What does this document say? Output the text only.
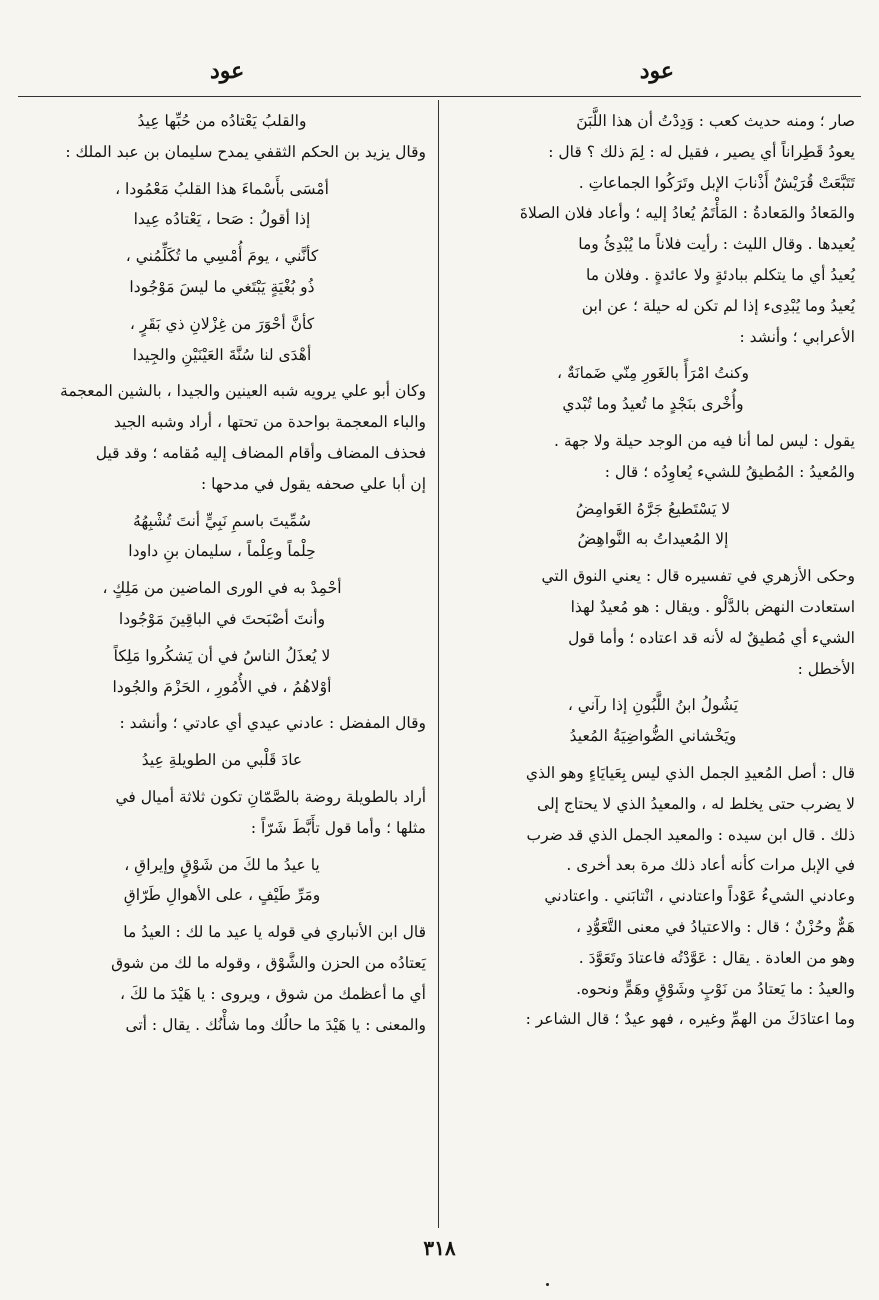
عود
عود
صار ؛ ومنه حديث كعب : وَدِدْتُ أن هذا اللَّبَنَ
يعودُ قَطِراناً أي يصير ، فقيل له : لِمَ ذلك ؟ قال :
تَتَبَّعَتْ قُرَيْشٌ أَذْنابَ الإبل وتَرَكُوا الجماعاتِ .
والمَعادُ والمَعادةُ : المَأْتَمُ يُعادُ إليه ؛ وأعاد فلان الصلاةَ
يُعيدها . وقال الليث : رأيت فلاناً ما يُبْدِئُ وما
يُعيدُ أي ما يتكلم ببادئةٍ ولا عائدةٍ . وفلان ما
يُعيدُ وما يُبْدِىء إذا لم تكن له حيلة ؛ عن ابن
الأعرابي ؛ وأنشد :
وكنتُ امْرَأً بالغَورِ مِنّي ضَمانَةٌ ،
وأُخْرى بنَجْدٍ ما تُعيدُ وما تُبْدي
يقول : ليس لما أنا فيه من الوجد حيلة ولا جهة .
والمُعيدُ : المُطيقُ للشيء يُعاوِدُه ؛ قال :
لا يَسْتَطيعُ جَرَّهُ الغَوامِضُ
إلا المُعيداتُ به النَّواهِضُ
وحكى الأزهري في تفسيره قال : يعني النوق التي
استعادت النهض بالدَّلْو . ويقال : هو مُعيدٌ لهذا
الشيء أي مُطيقٌ له لأنه قد اعتاده ؛ وأما قول
الأخطل :
يَشُولُ ابنُ اللَّبُونِ إذا رآني ،
ويَخْشاني الضُّواضِيَةُ المُعيدُ
قال : أصل المُعيدِ الجمل الذي ليس بِعَيايَاءٍ وهو الذي
لا يضرب حتى يخلط له ، والمعيدُ الذي لا يحتاج إلى
ذلك . قال ابن سيده : والمعيد الجمل الذي قد ضرب
في الإبل مرات كأنه أعاد ذلك مرة بعد أخرى .
وعادني الشيءُ عَوْداً واعتادني ، انْتابَني . واعتادني
هَمٌّ وحُزْنٌ ؛ قال : والاعتيادُ في معنى التَّعَوُّدِ ،
وهو من العادة . يقال : عَوَّدْتُه فاعتادَ وتَعَوَّدَ .
والعيدُ : ما يَعتادُ من نَوْبٍ وشَوْقٍ وهَمٍّ ونحوه.
وما اعتادَكَ من الهمِّ وغيره ، فهو عيدٌ ؛ قال الشاعر :
والقلبُ يَعْتادُه من حُبِّها عِيدُ
وقال يزيد بن الحكم الثقفي يمدح سليمان بن عبد الملك :
أمْسَى بأَسْماءَ هذا القلبُ مَعْمُودا ،
إذا أقولُ : صَحا ، يَعْتادُه عِيدا
كأنَّني ، يومَ أُمْسِي ما تُكَلِّمُني ،
ذُو بُغْيَةٍ يَبْتَغي ما ليسَ مَوْجُودا
كأنَّ أحْوَرَ من غِزْلانِ ذي بَقَرٍ ،
أهْدَى لنا سُنَّةَ العَيْنَيْنِ والجِيدا
وكان أبو علي يرويه شبه العينين والجيدا ، بالشين المعجمة
والباء المعجمة بواحدة من تحتها ، أراد وشبه الجيد
فحذف المضاف وأقام المضاف إليه مُقامه ؛ وقد قيل
إن أبا علي صحفه يقول في مدحها :
سُمِّيتَ باسمِ نَبِيٍّ أنتَ تُشْبِهُهُ
حِلْماً وعِلْماً ، سليمان بنِ داودا
أحْمِدْ به في الورى الماضين من مَلِكٍ ،
وأنتَ أصْبَحتَ في الباقِينَ مَوْجُودا
لا يُعذَلُ الناسُ في أن يَشكُروا مَلِكاً
أوْلاهُمُ ، في الأُمُورِ ، الحَزْمَ والجُودا
وقال المفضل : عادني عيدي أي عادتي ؛ وأنشد :
عادَ قَلْبي من الطويلةِ عِيدُ
أراد بالطويلة روضة بالصَّمّانِ تكون ثلاثة أميال في
مثلها ؛ وأما قول تأَبَّطَ شَرّاً :
يا عيدُ ما لكَ من شَوْقٍ وإيراقِ ،
ومَرِّ طَيْفٍ ، على الأهوالِ طَرّاقِ
قال ابن الأنباري في قوله يا عيد ما لك : العيدُ ما
يَعتادُه من الحزن والشَّوْق ، وقوله ما لك من شوق
أي ما أعظمك من شوق ، ويروى : يا هَيْدَ ما لكَ ،
والمعنى : يا هَيْدَ ما حالُك وما شأْنُك . يقال : أتى
٣١٨
